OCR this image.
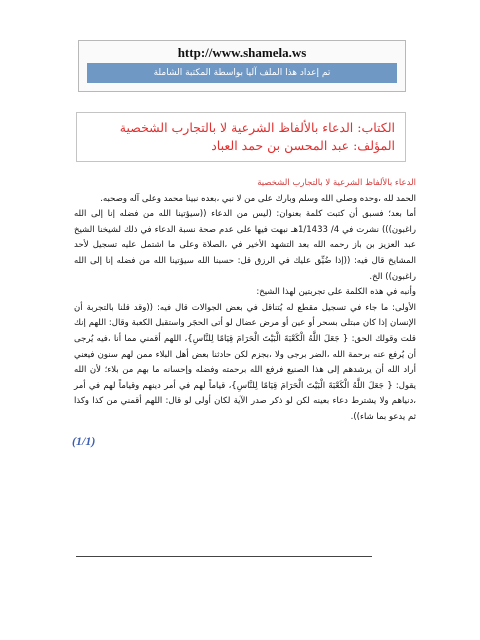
http://www.shamela.ws
تم إعداد هذا الملف آليا بواسطة المكتبة الشاملة
الكتاب: الدعاء بالألفاظ الشرعية لا بالتجارب الشخصية
المؤلف: عبد المحسن بن حمد العباد

الدعاء بالألفاظ الشرعية لا بالتجارب الشخصية

الحمد لله ،وحده وصلى الله وسلم وبارك على من لا نبي ،بعده نبينا محمد وعلى آله وصحبه.

أما بعد؛ فسبق أن كتبت كلمة بعنوان: (ليس من الدعاء ((سيؤتينا الله من فضله إنا إلى الله راغبون))) نشرت في 4/ 1/1433هـ نبهت فيها على عدم صحة نسبة الدعاء في ذلك لشيخنا الشيخ عبد العزيز بن باز رحمه الله بعد التشهد الأخير في ،الصلاة وعلى ما اشتمل عليه تسجيل لأحد المشايخ قال فيه: ((إذا ضُيِّق عليك في الرزق قل: حسبنا الله سيؤتينا الله من فضله إنا إلى الله راغبون)) الخ.

وأنبه في هذه الكلمة على تجربتين لهذا الشيخ:

الأولى: ما جاء في تسجيل مقطع له يُتناقل في بعض الجوالات قال فيه: ((وقد قلنا بالتجربة أن الإنسان إذا كان مبتلى بسحر أو عين أو مرض عضال لو أتى الحجَر واستقبل الكعبة وقال: اللهم إنك قلت وقولك الحق: { جَعَلَ اللَّهُ الْكَعْبَةَ الْبَيْتَ الْحَرَامَ قِيَامًا لِلنَّاسِ}، اللهم أقمني مما أنا ،فيه يُرجى أن يُرفع عنه برحمة الله ،الضر برجى ولا ،بجزم لكن حادثنا بعض أهل البلاء ممن لهم سنون فيعني أراد الله أن يرشدهم إلى هذا الصنيع فرفع الله برحمته وفضله وإحسانه ما بهم من بلاء؛ لأن الله يقول: { جَعَلَ اللَّهُ الْكَعْبَةَ الْبَيْتَ الْحَرَامَ قِيَامًا لِلنَّاسِ}، قياماً لهم في أمر دينهم وقياماً لهم في أمر ،دنياهم ولا يشترط دعاء بعينه لكن لو ذكر صدر الآية لكان أولى لو قال: اللهم أقمني من كذا وكذا ثم يدعو بما شاء)).

(1/1)
